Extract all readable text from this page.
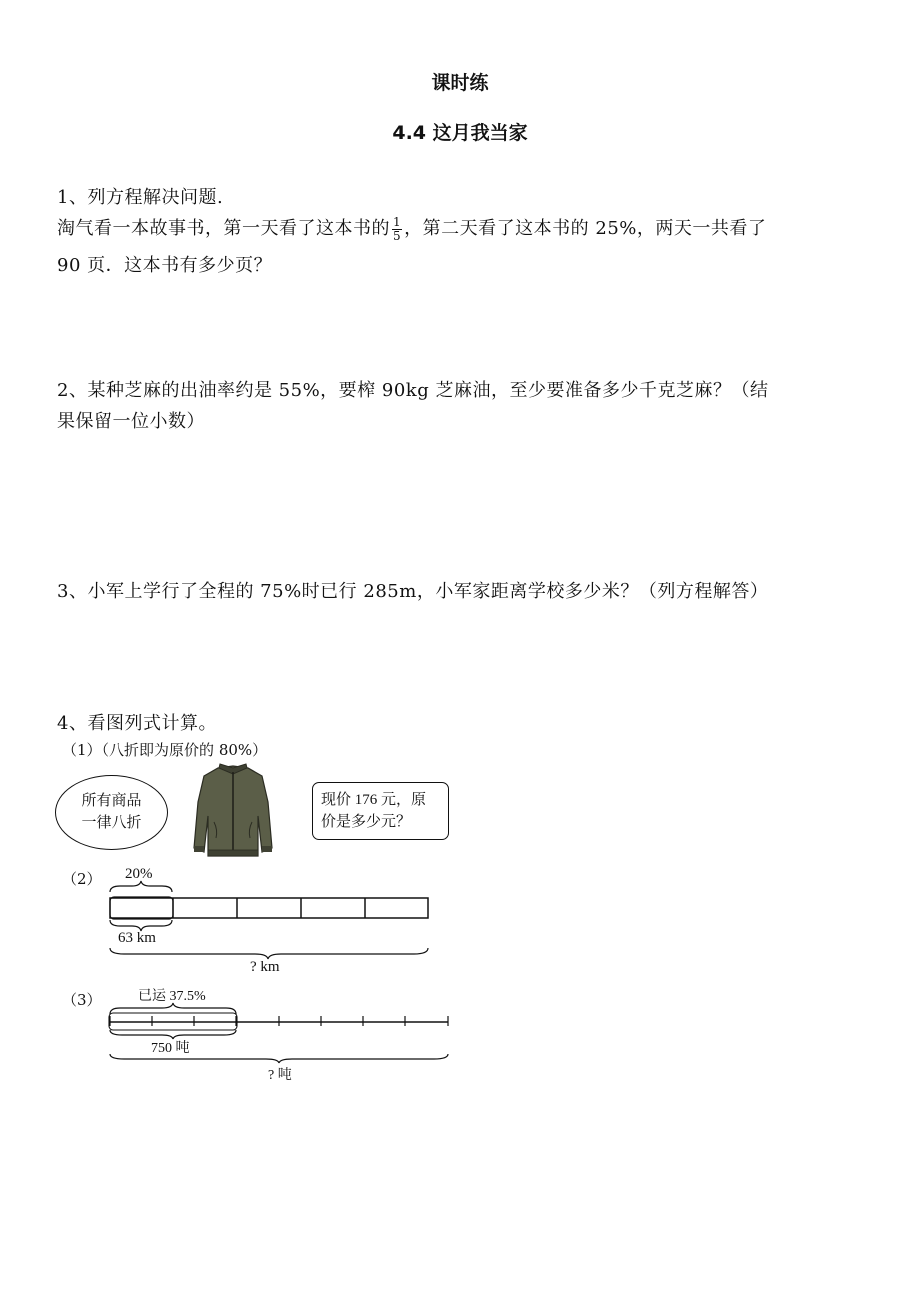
课时练
4.4 这月我当家
1、列方程解决问题.
淘气看一本故事书，第一天看了这本书的 $\frac{1}{5}$ ，第二天看了这本书的 25%，两天一共看了
90 页．这本书有多少页？
2、某种芝麻的出油率约是 55%，要榨 90kg 芝麻油，至少要准备多少千克芝麻？（结
果保留一位小数）
3、小军上学行了全程的 75%时已行 285m，小军家距离学校多少米？（列方程解答）
4、看图列式计算。
（1）（八折即为原价的 80%）
所有商品
一律八折
现价 176 元，原
价是多少元？
（2） 20%
63 km
? km
（3）	已运 37.5%
750 吨
? 吨
